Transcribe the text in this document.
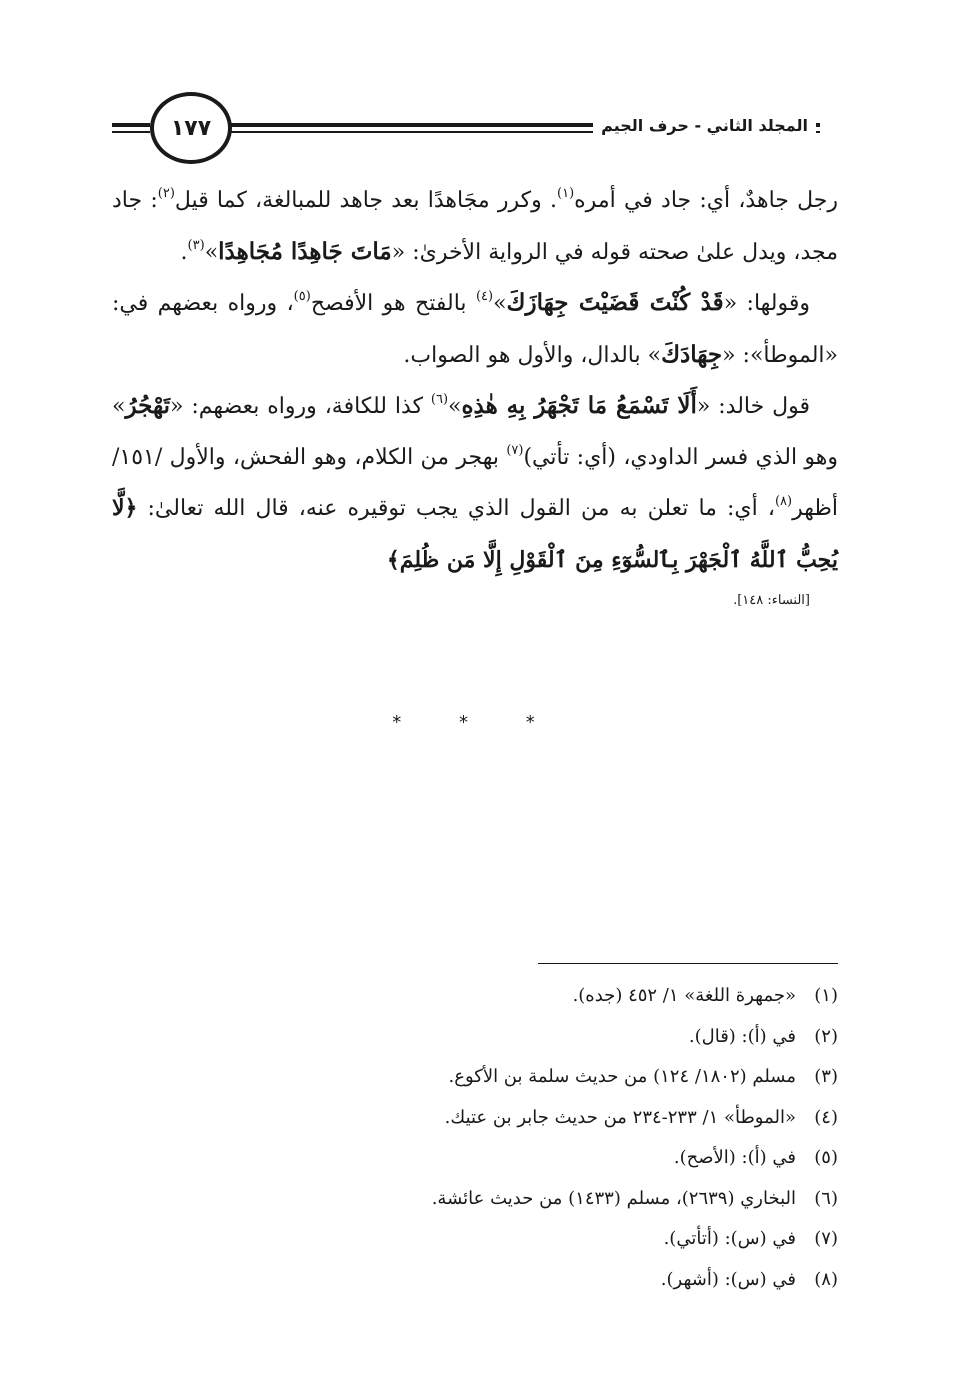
المجلد الثاني - حرف الجيم
١٧٧

رجل جاهدٌ، أي: جاد في أمره$^{(١)}$. وكرر مجَاهدًا بعد جاهد للمبالغة، كما قيل$^{(٢)}$: جاد مجد، ويدل علىٰ صحته قوله في الرواية الأخرىٰ: «مَاتَ جَاهِدًا مُجَاهِدًا»$^{(٣)}$.

وقولها: «قَدْ كُنْتَ قَضَيْتَ جِهَازَكَ»$^{(٤)}$ بالفتح هو الأفصح$^{(٥)}$، ورواه بعضهم في: «الموطأ»: «جِهَادَكَ» بالدال، والأول هو الصواب.

قول خالد: «أَلَا تَسْمَعُ مَا تَجْهَرُ بِهِ هٰذِهِ»$^{(٦)}$ كذا للكافة، ورواه بعضهم: «تَهْجُرُ» وهو الذي فسر الداودي، (أي: تأتي)$^{(٧)}$ بهجر من الكلام، وهو الفحش، والأول /١٥١/ أظهر$^{(٨)}$، أي: ما تعلن به من القول الذي يجب توقيره عنه، قال الله تعالىٰ: ﴿لَّا يُحِبُّ ٱللَّهُ ٱلْجَهْرَ بِٱلسُّوٓءِ مِنَ ٱلْقَوْلِ إِلَّا مَن ظُلِمَ﴾
[النساء: ١٤٨].

* * *

(١)
«جمهرة اللغة» ١/ ٤٥٢ (جده).

(٢)
في (أ): (قال).

(٣)
مسلم (١٨٠٢/ ١٢٤) من حديث سلمة بن الأكوع.

(٤)
«الموطأ» ١/ ٢٣٣-٢٣٤ من حديث جابر بن عتيك.

(٥)
في (أ): (الأصح).

(٦)
البخاري (٢٦٣٩)، مسلم (١٤٣٣) من حديث عائشة.

(٧)
في (س): (أتأتي).

(٨)
في (س): (أشهر).
